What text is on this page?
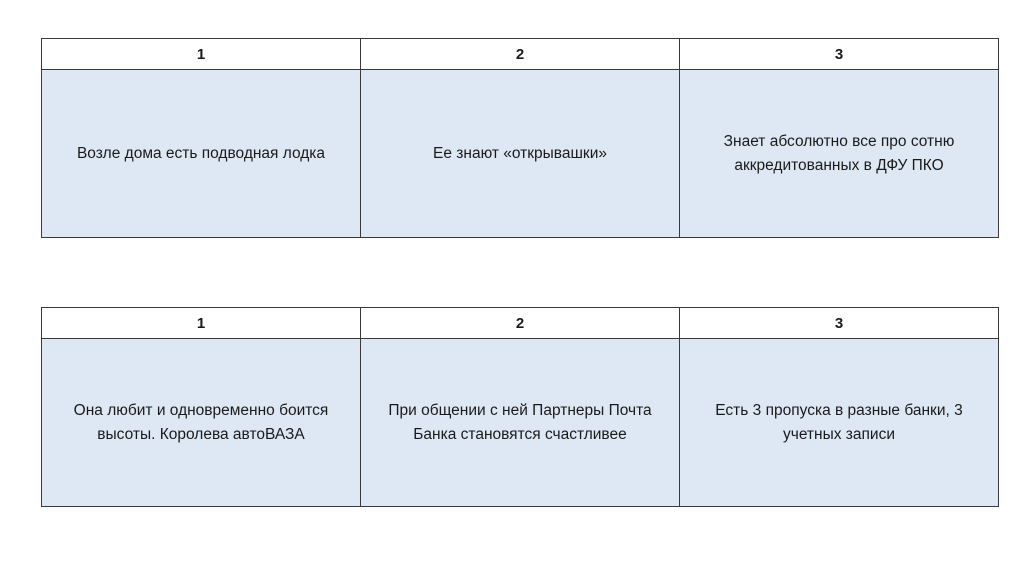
1	2	3
Возле дома есть подводная лодка	Ее знают «открывашки»	Знает абсолютно все про сотню аккредитованных в ДФУ ПКО
1	2	3
Она любит и одновременно боится высоты. Королева автоВАЗА	При общении с ней Партнеры Почта Банка становятся счастливее	Есть 3 пропуска в разные банки, 3 учетных записи
